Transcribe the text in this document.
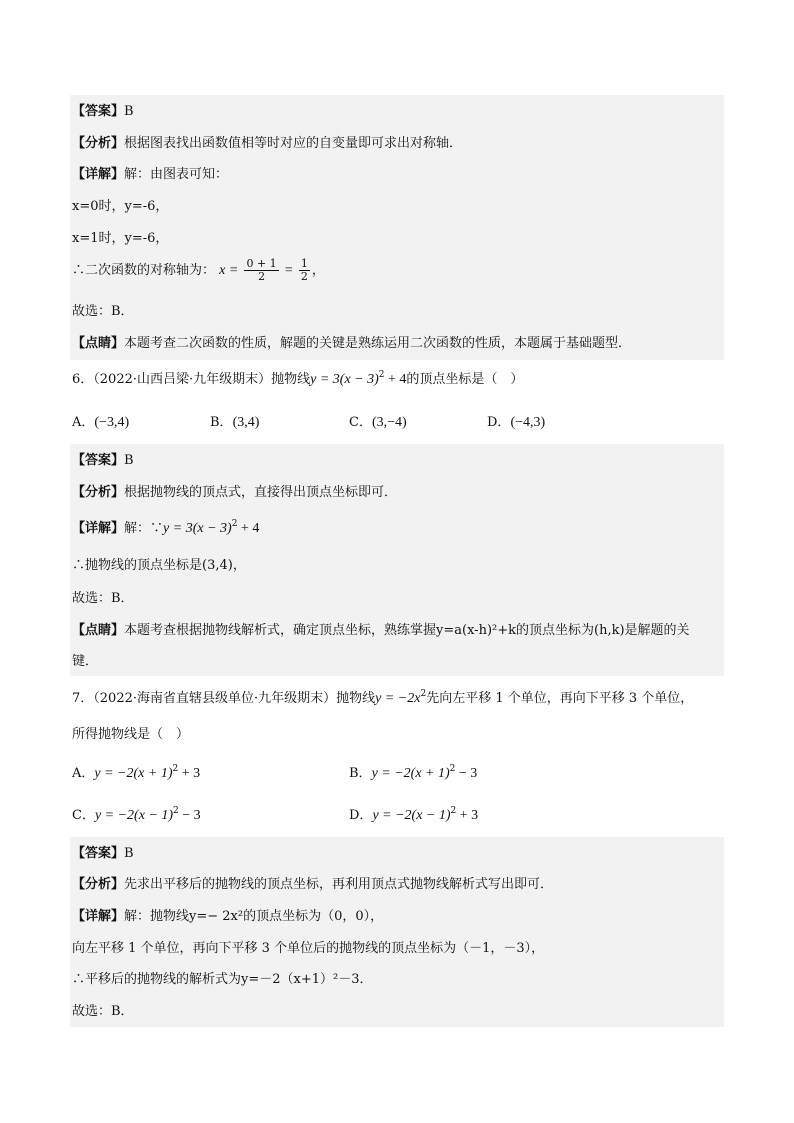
【答案】B
【分析】根据图表找出函数值相等时对应的自变量即可求出对称轴．
【详解】解：由图表可知：
x=0时，y=-6，
x=1时，y=-6，
∴二次函数的对称轴为： $x = \frac{0 + 1}{2} = \frac{1}{2}$ ，
故选：B．
【点睛】本题考查二次函数的性质，解题的关键是熟练运用二次函数的性质，本题属于基础题型．
6．（2022·山西吕梁·九年级期末）抛物线$y = 3(x - 3)^2 + 4$的顶点坐标是（　）
A．(−3,4)	B．(3,4)	C．(3,−4)	D．(−4,3)
【答案】B
【分析】根据抛物线的顶点式，直接得出顶点坐标即可．
【详解】解：∵y = $3(x - 3)^2 + 4$
∴抛物线的顶点坐标是(3,4)，
故选：B．
【点睛】本题考查根据抛物线解析式，确定顶点坐标，熟练掌握y=a(x-h)²+k的顶点坐标为(h,k)是解题的关
键．
7．（2022·海南省直辖县级单位·九年级期末）抛物线$y = -2x^2$先向左平移 1 个单位，再向下平移 3 个单位，
所得抛物线是（　）
A．$y = -2(x + 1)^2 + 3$	B．$y = -2(x + 1)^2 - 3$
C．$y = -2(x - 1)^2 - 3$	D．$y = -2(x - 1)^2 + 3$
【答案】B
【分析】先求出平移后的抛物线的顶点坐标，再利用顶点式抛物线解析式写出即可．
【详解】解：抛物线y=− 2x²的顶点坐标为（0，0），
向左平移 1 个单位，再向下平移 3 个单位后的抛物线的顶点坐标为（－1，－3），
∴平移后的抛物线的解析式为y=－2（x+1）²－3．
故选：B．
